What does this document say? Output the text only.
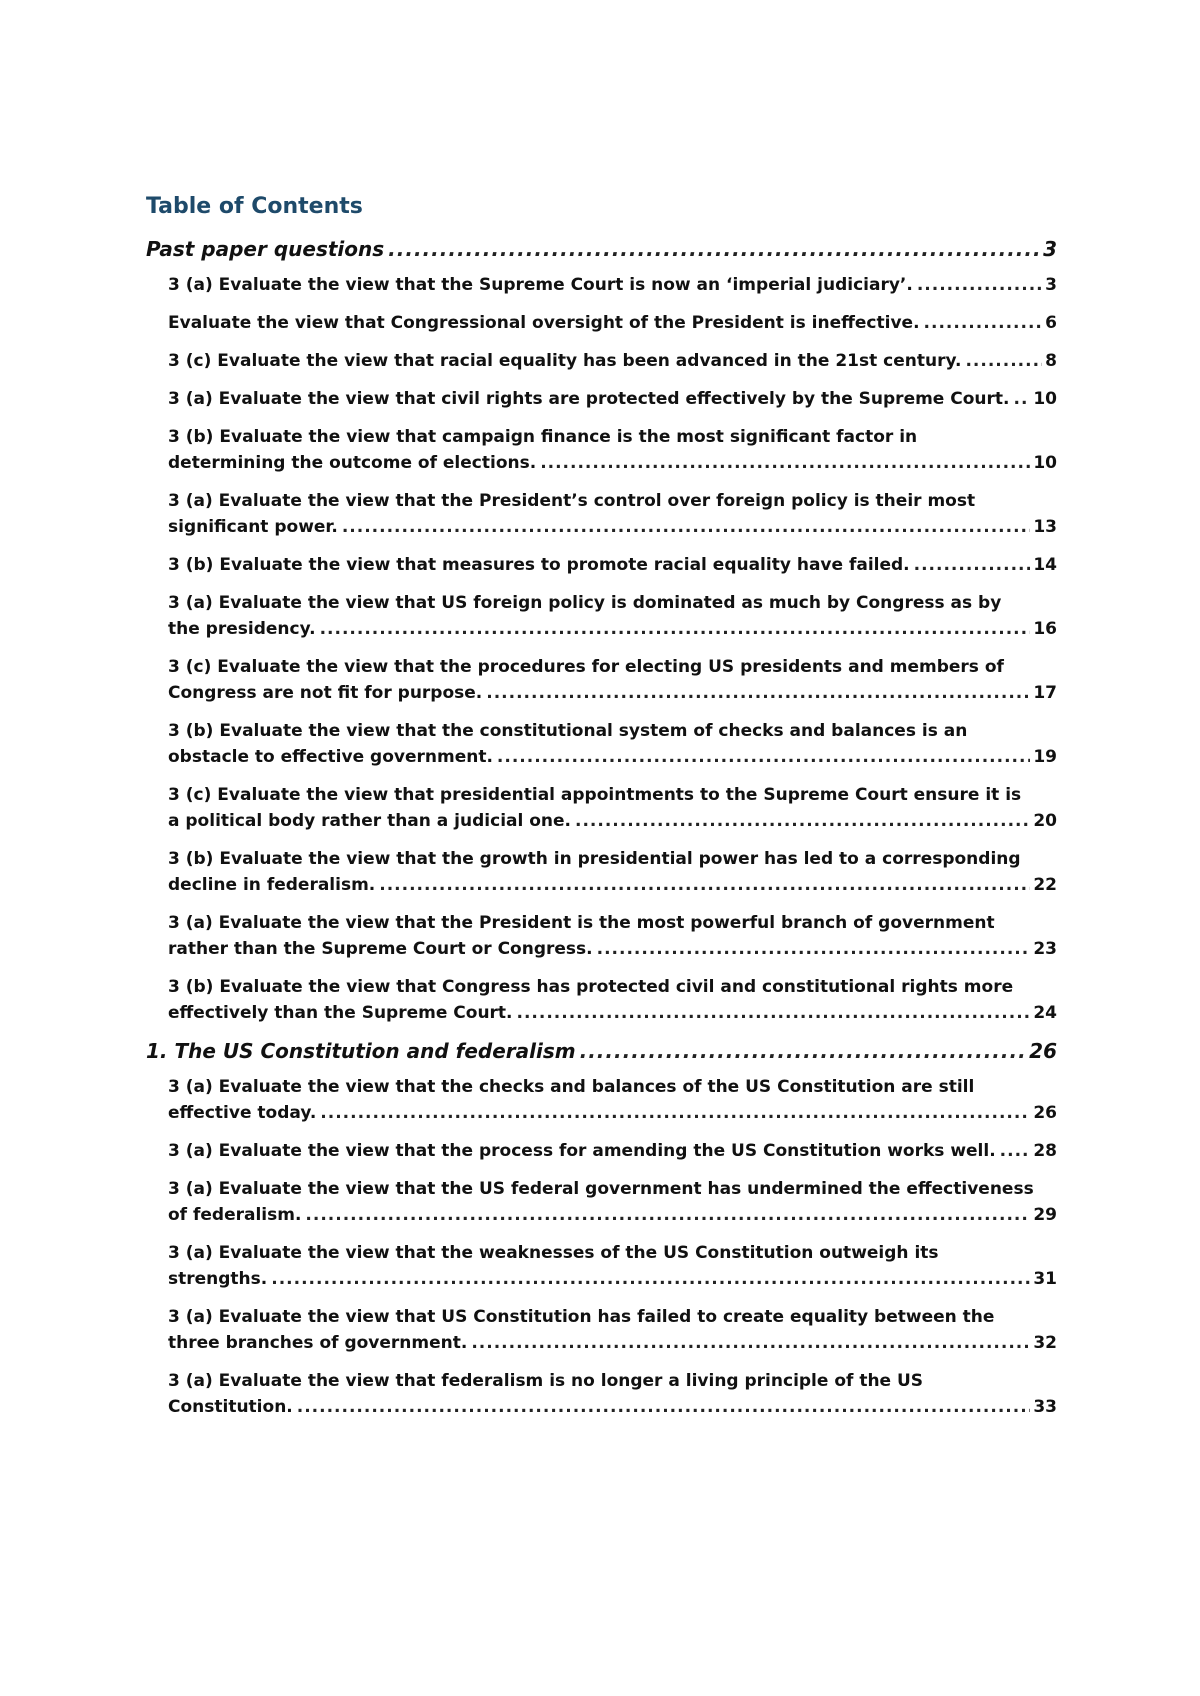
Table of Contents
Past paper questions .....	3
3 (a) Evaluate the view that the Supreme Court is now an ‘imperial judiciary’. .....	3
Evaluate the view that Congressional oversight of the President is ineffective. .....	6
3 (c) Evaluate the view that racial equality has been advanced in the 21st century. .....	8
3 (a) Evaluate the view that civil rights are protected effectively by the Supreme Court. ..... 10
3 (b) Evaluate the view that campaign finance is the most significant factor in
determining the outcome of elections. .....	10
3 (a) Evaluate the view that the President’s control over foreign policy is their most
significant power. .....	13
3 (b) Evaluate the view that measures to promote racial equality have failed. .....	14
3 (a) Evaluate the view that US foreign policy is dominated as much by Congress as by
the presidency. .....	16
3 (c) Evaluate the view that the procedures for electing US presidents and members of
Congress are not fit for purpose. .....	17
3 (b) Evaluate the view that the constitutional system of checks and balances is an
obstacle to effective government. .....	19
3 (c) Evaluate the view that presidential appointments to the Supreme Court ensure it is
a political body rather than a judicial one. .....	20
3 (b) Evaluate the view that the growth in presidential power has led to a corresponding
decline in federalism. .....	22
3 (a) Evaluate the view that the President is the most powerful branch of government
rather than the Supreme Court or Congress. .....	23
3 (b) Evaluate the view that Congress has protected civil and constitutional rights more
effectively than the Supreme Court. .....	24
1. The US Constitution and federalism .....	26
3 (a) Evaluate the view that the checks and balances of the US Constitution are still
effective today. .....	26
3 (a) Evaluate the view that the process for amending the US Constitution works well. ..... 28
3 (a) Evaluate the view that the US federal government has undermined the effectiveness
of federalism. .....	29
3 (a) Evaluate the view that the weaknesses of the US Constitution outweigh its
strengths. .....	31
3 (a) Evaluate the view that US Constitution has failed to create equality between the
three branches of government. .....	32
3 (a) Evaluate the view that federalism is no longer a living principle of the US
Constitution. .....	33
